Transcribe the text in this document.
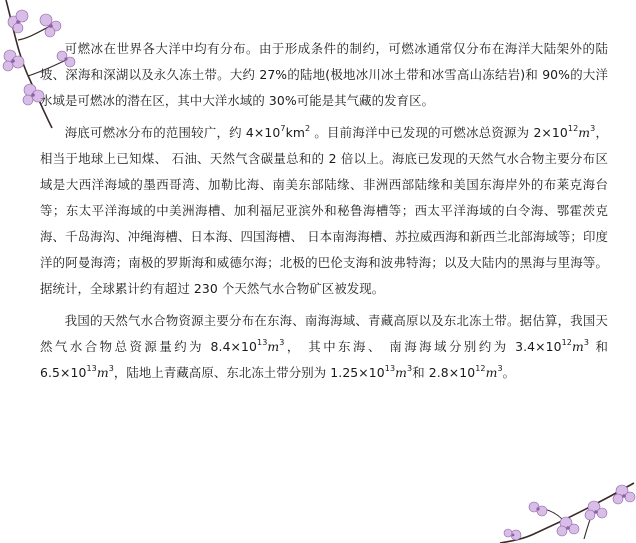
可燃冰在世界各大洋中均有分布。由于形成条件的制约，可燃冰通常仅分布在海洋大陆架外的陆坡、深海和深湖以及永久冻土带。大约 27%的陆地(极地冰川冰土带和冰雪高山冻结岩)和 90%的大洋水域是可燃冰的潜在区，其中大洋水域的 30%可能是其气藏的发育区。

海底可燃冰分布的范围较广，约 $4\times 10^7km^2$ 。目前海洋中已发现的可燃冰总资源为 $2\times 10^{12}m^3$， 相当于地球上已知煤、 石油、天然气含碳量总和的 2 倍以上。海底已发现的天然气水合物主要分布区域是大西洋海域的墨西哥湾、加勒比海、南美东部陆缘、非洲西部陆缘和美国东海岸外的布莱克海台等；东太平洋海域的中美洲海槽、加利福尼亚滨外和秘鲁海槽等；西太平洋海域的白令海、鄂霍茨克海、千岛海沟、冲绳海槽、日本海、四国海槽、 日本南海海槽、苏拉威西海和新西兰北部海域等；印度洋的阿曼海湾；南极的罗斯海和威德尔海；北极的巴伦支海和波弗特海；以及大陆内的黑海与里海等。据统计，全球累计约有超过 230 个天然气水合物矿区被发现。

我国的天然气水合物资源主要分布在东海、南海海域、青藏高原以及东北冻土带。据估算，我国天然气水合物总资源量约为 $8.4\times 10^{13}m^3$， 其中东海、 南海海域分别约为 $3.4\times 10^{12}m^3$ 和 $6.5\times 10^{13}m^3$，陆地上青藏高原、东北冻土带分别为 $1.25\times 10^{13}m^3$和 $2.8\times 10^{12}m^3$。
